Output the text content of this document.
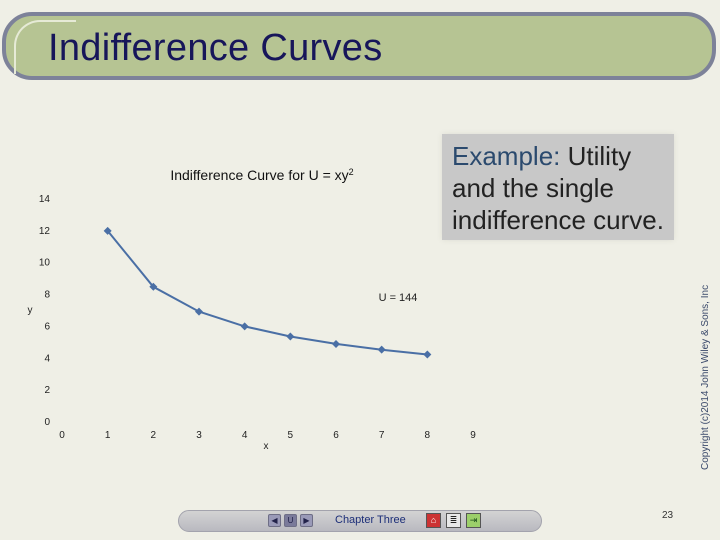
Indifference Curves
Example: Utility
and the single
indifference curve.
Indifference Curve for $U = xy^2$
0
2
4
6
8
10
12
14
0	1	2	3	4	5	6	7	8	9
y
x
U = 144	Copyright (c)2014 John Wiley & Sons, Inc
◀	U	▶	Chapter Three	⌂	≣	⇥	23
